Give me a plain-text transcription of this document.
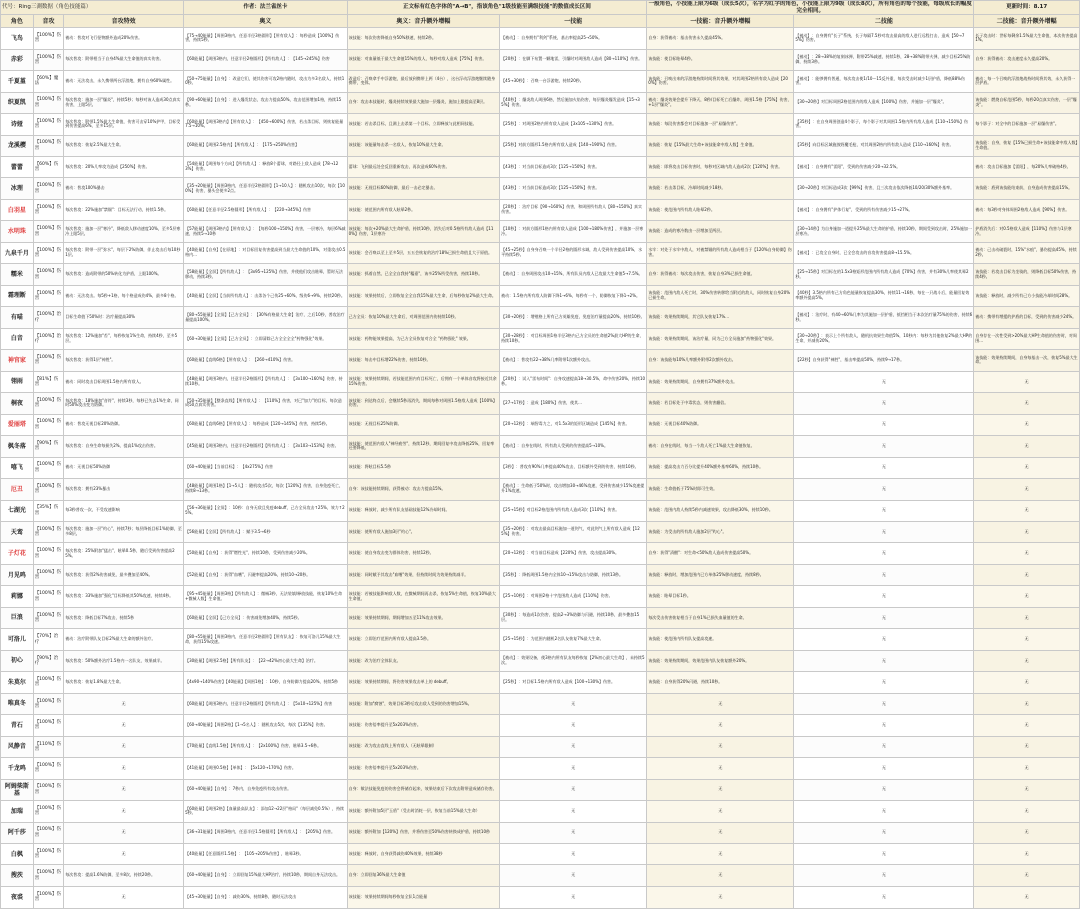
代号：Ring三測数据（角色技能篇）			作者：法兰雀丝卡	正文标有红色字体的"A→B"，指该角色"1级技能至满级技能"的数值成长区间		一般角色，小技能上限为6级（成长5次），名字为红字的角色，小技能上限为9级（成长8次），所有角色的每个技能，每级成长的幅度完全相同。		更新时间：8.17
角色	音攻	音攻特效	奥义	奥义：音升额外增幅	一技能	一技能：音升额外增幅	二技能	二技能：音升额外增幅
飞鸟	【100%】伤害	被动：普攻对飞行怪物额外造成20%伤害。	【75→40能量】【周围3格内，任意半径3格圆形】【所有敌人】：每秒造成【100%】伤害，持续5秒。	该技能：每次伤害降低自身50%移速，持续2秒。	【被动】：自身拥有"利剑"系统，基击率提高25→50%。	自身：获得被动：基击伤害永久提高45%。	【被动】：自身拥有"长子"系统，长子每隔7.5秒对攻击最高的敌人进行远程打击，造成【50→75%】伤害。	长子攻击时：世标每剩余1.5%最大生命值，本次伤害提高1%。
赤彩	【100%】伤害	每次普攻：附带相当于自身4%最大生命值的真实伤害。	【60能量】【周围3格内，任意半径2格圆形】【所有敌人】：【145→245%】伤害	该技能：对血量低于最大生命值15%的敌人，每秒对敌人造成【75%】伤害。	【20秒】：在脚下布置一颗地雷，引爆时对周围敌人造成【80→110%】伤害。	该技能：使目标眩晕4秒。	【被动】：28→38%的复刻冰弹，附带25%减速，持续1秒，28→38%附带火弹，减少目标25%防御，持续3秒。	自身：获得被动：攻击速度永久提高20%。
千夏堇	【60%】魔法	被动：无法攻击，永久携带两台浮游炮，拥有自身60%属性。	【50→75能量】【自身】：改造它们，使其伤害可攻2格内随时，攻击为多3名敌人，持续10秒。	改造后：召唤拿手中浮游炮，最后放到携带上两（4台），这台浮动浮游炮继续随身携带，变体。	【45→30秒】：召唤一台浮游炮，持续20秒。	该技能：召唤出来的浮游炮持续时间将其效果，对其周围2格所有敌人造成【200%】伤害。	【被动】：能够拥有普通，每次攻击使1/10～15反外重，每次受击时减少1层护盾，降低88%伤害。	被动：每一个召唤的浮游炮战持时间将其效，永久获得一层护盾。
织夏凯	【100%】伤害	每次普攻：施加一层"爆炎"，持续5秒；每秒对该人造成30点真实伤害，上限5层。	【90→60能量】【自身】：进入爆发状态，攻击力提高50%，攻击范围增加1格，持续15秒。	自身：攻击本技能时，爆炎持续效果最大施加一层爆炎，施加上限提高至8层。	【40秒】：爆炎敌人周围6格，然后施加火焰伤害，每层爆炎爆发造成【15→35%】伤害。	被动：爆炎效果会提升下降天，8秒/目标死亡后爆炸，周围1.5格【75%】伤害，+1层"爆炎"。	【30→20秒】对目标周围2格范围内的敌人造成【100%】伤害，并施加一层"爆炎"。	该技能：燃烧自标范围5秒，每秒20点真实伤害，一层"爆炎"。
诗娅	【100%】伤害	每次普攻：附带1.5%最大生命值，伤害可击穿10%护甲，目标受到伤害提高6%，至多15层。	【60能量】【周围3格内】【所有敌人】：【450→600%】伤害，若击杀目标，则恢复能量7.5→10%。	该技能：若击杀目标，且满上击杀第一个目标，立即释放与此相同技能。	【25秒】：对周围2格内所有敌人造成【3x105→130%】伤害。	该技能：每段伤害都会对目标施加一层"易爆伤害"。	【35秒】：在自身周围创造4个影子，每个影子对其周围1.5格内所有敌人造成【110→150%】伤害。	每个影子：对全中的目标施加一层"易爆伤害"。
龙溪樱	【100%】伤害	每次普攻：恢复2.5%最大生命。	【60能量】【周围2.5格内】【所有敌人】：【175→250%伤害】	该技能：该能量每击杀一名敌人，恢复10%最大生命。	【25秒】对前方圆形1.5格内所有敌人造成【140→190%】伤害。	该技能：恢复【15%最大生命+该技能命中敌人数】生命值。	【35秒】向目标区域施放野魔毛枪，对其周围2格内所有敌人造成【110→160%】伤害。	该技能：自身，恢复【15%已损生命+该技能命中敌人数】生命值。
蕾蕾	【60%】伤害	每次普攻：20%几率攻为造成【250%】伤害。	【54能量】【周围每个方向】【所有敌人】：释放8个蕾球，对路径上敌人造成【78→123%】伤害。	蕾球：飞到最远处会反回重新攻击，再次造成60%伤害。	【43秒】：对当前目标造成3次【125→150%】伤害。	该技能：即将攻击目标伤害时，每秒对区域内敌人造成2次【120%】伤害。	【被动】：自身拥有"雷阳"，受到的伤害减少20→32.5%。	被动：攻击目标施加【雷阳】，每20%几率破格4秒。
冰理	【100%】伤害	被动：普攻100%暴击	【35→20能量】【周围3格内，任意半径2格圆形】【1→10人】：随机攻击10次，每次【100%】伤害，暴头会使多2点。	该技能：无视目标60%防御，最后一击必定暴击。	【43秒】：对当前目标造成3次【125→150%】伤害。	该技能：若击杀目标，冷却时间减少18秒。	【30→20秒】对目标造成3次【99%】伤害，且三次攻击依次降低10/20/30%额外基率。	该技能：盾到该技能结束前，自身造成伤害提高15%。
白羽星	【100%】伤害	每次普攻：22%施加"禁锢"：目标无法行动，持续1.5秒。	【60能量】【任意半径2.5格圆形】【所有敌人】：【220→345%】伤害	该技能：使范围内所有敌人眩晕2秒。	【20秒】：治疗目标【90→160%】伤害，和周围所有敌人【80→150%】真实伤害。	该技能：使范围内所有敌人眩晕2秒。	【被动】：自身拥有"护体行复"，受到的所有伤害减少15→27%。	被动：每3秒对身体周围2格敌人造成【90%】伤害。
水明珠	【100%】伤害	每次普攻：施加一层"寒冷"，降低敌人移动速度10%，至多5层寒冷上限5层。	【57能量】【周围3格内】【所有敌人】：【每秒100→150%】伤害，一层寒冷，每层6%减速，持续5→10秒	该技能：每次+20%最大生命护盾，持续10秒，消失后对0.5格所有敌人造成【110%】伤害，1层寒冷	【10秒】：对前方圆形1格内所有敌人造成【100→180%伤害】，并施加一层寒冷。	该技能：造成的寒冷数由一层增加至两层。	【30→14秒】为自身施加一道提升25%最大生命的护盾，持续10秒，期间受到攻击时，25%施加一层寒冷。	护盾消失后：对0.5格敌人造成【110%】伤害与1层寒冷。
九泉千月	【100%】伤害	每次普攻：附带一层"弥水"，每层下2%防御，伴止攻击后每10秒1层。	【40能量】【自身】【在原地】：对目标回复伤害提高到当最大生命值的10%，对重攻击0.5格内...	该技能：会召唤以至上至多5层，五五会恢复的治疗18%已损生命值且大于原值。	【45→25秒】自身身召唤一个半径2格的圆形水域，敌人受到伤害提高10%，水平持续5秒。	水牢：对处于水牢中敌人，对被禁锢的所有敌人造成相当于【120%自身防御】伤害。	【被动】：已攻全自身时，已全会攻击的音攻伤害提高8→15.5%。	被动：己击动破裂时，15%"水痕"，暴伤提高45%，持续2秒。
糯米	【100%】伤害	每次普攻：造成附带的50%转化为护盾，上限100%。	【58能量】【全屏】【所有敌人】：【3x95→125%】伤害，并使他们攻击眩晕，暂时无法移动，持续3秒。	该技能：抓着自然、已全全自我持"糯嘉"，该多25%所受伤害，持续10秒。	【被动】：自身周围攻击10→15%，所有队员内敌人已攻最大生命值5→7.5%。	自身：获得被动：每次攻击伤害，恢复自身3%已损生命值。	【25→15秒】对目标在的1.5x3格矩形范围内所有敌人造成【70%】伤害，并有30%几率使其晕2秒。	该技能：若攻击目标为坐骑的，则降低目标50%伤害，持续4秒。
霜理断	【100%】伤害	被动：无法攻击。每5秒+1格，每个格造成伤4%，最多8个格。	【40能量】【全屏】【当前所有敌人】：击杀各个己伤25→60%，级伤6→9%，持续20秒。	该技能：效果持续后，立即恢复全全自我15%最大生命，后每秒恢复2%最大生命。	被动：1.5格内所有敌人防御下降1→6%，每秒有一个，防御恢复下降1→2%。	该技能：范围内敌人死亡时，30%伤害转移给当附近的敌人，同时恢复自身20%已损生命。	【40秒】3.5格内所有己方角色能量恢复提高30%，持续11→16秒，每在一只战斗后，能量回复效率额外提高5%。	该技能：释放时，减少所有己方小技能冷却时间28%。
有喵	【100%】治疗	目标生命值下50%时：治疗量提高30%	【80→55能量】【全屏】【己方全员】：【30%有格最大生命】治疗，之后10秒，普攻治疗量提高100%。	己方全员：恢复10%最大生命后，对周围范围内伤持续10秒。	【30→20秒】：增殖格上所有己方英雄免疫，免疫治疗量提高20%，持续10秒。	该技能：效果持续期间，其它队友恢复17%...	【被动】：治疗时，有40→60%几率为其施加一层护盾，抵挡相当于本次治疗量75%的伤害，持续6秒。	被动：携带有增援的护盾的目标，受到的伤害减少24%。
白音	【100%】治疗	每次普攻：12%施加"苔"，每秒恢复1%生命，持续4秒，至多5层。	【60→30能量】【全屏】【己方全员】：立即清除己方全全全全"药物强化"效果。	该技能：药物能效果提高，为己方全员恢复对合全 "药物强化" 效果。	【30→28秒】：对目标周围1格半径3格内己方全员的生命值2%最大HP的生命，持续10秒。	该技能：效果持续期间，该治疗量，同为己方全员施加"药物强化"效果。	【30→20秒】：表示上个所有敌人，随机抗效果生命值5%，10秒内：每秒为其他恢复2%最大HP的生命，并减伤20%。	自身存在一次性受到>20%最大HP生命值的伤害时，对周围...
神官家	【100%】伤害	每次普攻：获得1层"神胜"。	【60能量】【直线6格】【所有敌人】：【260→410%】伤害。	该技能：每击中目标增22%伤害，持续10秒。	【被动】：普攻有22→38%几率附带1次额外攻击。	自身：该技能每10%几率额外附带2次额外攻击。	【22秒】自身获得"神胜"，基击率提高50%，持续9→17秒。	该技能：效果持续期间，自身每基击一次，恢复5%最大生命。
翎雨	【81%】伤害	被动：同时攻击目标周围1.5格内所有敌人。	【48能量】【周围3格内，任意半径2格圆形】【所有敌人】：【3x100→160%】伤害，持续10秒。	该技能：效果持续期间，若技能范围内有目标死亡，后拥有一个单体音攻将接近其余15%伤害。	【20秒】：试入"雷布时间"：自身攻速提高18→30.5%，命中伤害20%，持续10秒。	该技能：效果持续期间，自身拥有37%额外攻击。	无	无
桐夜	【100%】伤害	每次普攻：18%施加"音符"，持续3秒，每秒已失去1%生命，同时50%攻击变为防御。	【50→35能量】【整条直线】【所有敌人】：【110%】伤害，对已"加力"的目标，每次造成50点真实伤害。	该技能：到达终点后，会继续5秒再消失，期间每秒对周围1.5格敌人造成【100%】伤害。	【27→17秒】：造成【180%】伤害，使其...	该技能：若目标处于中毒状态，则伤害翻倍。	无	无
爱丽塔	【100%】伤害	被动：普攻无视目标20%防御。	【60能量】【直线6格】【所有敌人】：每秒造成【120→145%】伤害，持续5秒。	该技能：无视目标25%防御。	【20→12秒】：端智毒力之，对1.5x3的矩形区域造成【145%】伤害。	该技能：无视目标40%防御。	无	无
枫冬落	【90%】伤害	每次普攻：自身生命每损失2%，提高1%攻击伤害。	【45能量】【周围3格内，任意半径2格圆形】【所有敌人】：【3x103→153%】伤害。	该技能：使范围内敌人"神经疲劳"，持续12秒，期间回复中攻击降低25%，回复率还要降低。	【被动】：自身在线时，所有敌人受到的伤害提高5→10%。	被动：自身在线时，每当一个敌人死亡1%最大生命值恢复。	无	无
嘻飞	【100%】伤害	被动：无视目标50%防御	【60→40能量】【当前目标】：【4x275%】伤害	该技能：将眩目标5.5秒	【3秒】：普攻有90%几率提高40%攻击，目标额外受到的伤害，持续10秒。	该技能：提高攻击力百分比提升40%额外基率60%，持续10秒。	无	无
厄丑	【100%】伤害	每次普攻：拥有23%暴击	【48能量】【周围1格】【1→5人】：随机攻击5次，每次【120%】伤害，自身免疫死亡，持续8→13秒。	自身：该技能持续期间，获得被动：攻击力提高15%。	【被动】：生命低于50%时，攻击增加30→46%攻速，受到伤害减少15%攻速提升1%攻速。	该技能：生命值低于75%时即可生效。	无	无
七湖光	【35%】伤害	每3秒普攻一次，不受攻速影响	【56→36能量】【全屏】：10秒：自身无敌且免疫debuff，己方全员攻击↑25%，效力↑25%。	该技能：释放时，减少所有队友基础技能12%冷却时间。	【25→15秒】对目标2格范围内所有敌人造成3次【110%】伤害。	该技能：范围内敌人持续5秒内减速效果，攻击降低30%，持续10秒。	无	无
天鸾	【100%】伤害	每次普攻：施加一层"灼心"，持续7秒；每层降低目标1%防御，至多8层。	【56能量】【全屏】【所有敌人】：赋予3.5→6秒	该技能：使所有敌人施加3层"灼心"。	【35→20秒】：对攻击最高目标施加一道剑气，对此剑气上所有敌人造成【125%】伤害。	该技能：为受击的所有敌人施加2层"灼心"。	无	无
子灯花	【100%】伤害	每次普攻：25%附加"猛击"，眩晕0.5秒，随后受到伤害提高25%。	【50能量】【自身】：获得"燃性光"，持续10秒，受到伤害减少20%。	该技能：使自身攻击变为群体伤害，持续12秒。	【20→12秒】：对当前目标造成【220%】伤害，攻击提高30%。	自身：获得"清醒"：对生命<50%敌人造成伤害提高50%。	无	无
月见鸣	【100%】伤害	每次普攻：获得2%伤害减免，最多叠加至40%。	【52能量】【自身】：获得"血嗜"，闪避率提高20%，持续10→20秒。	该技能：同时赋予其攻击"血嗜"效果，但持续时间为效果持续减半。	【35秒】：降低周围1.5格内全体10→15%攻击与防御，持续13秒。	该技能：释放时，增加范围内已方单体25%移动速度，持续8秒。	无	无
莉娜	【100%】伤害	每次普攻：33%施加"强化"目标降低其50%攻速，持续4秒。	【95→45能量】【周围3格】【所有敌人】：微械3秒，无法装填/释放技能，恢复10%生命+微械人数】生命值。	该技能：若被技能影响敌人数，在微械期间再击杀，恢复5%生命值，恢复10%最大生命值。	【25→10秒】：对周围2格十字范围敌人造成【110%】伤害。	该技能：眩晕目标1秒。	无	无
巨浪	【100%】伤害	每次普攻：降低目标7%攻击，持续5秒	【60能量】【全屏】【己方全员】：伤害减免增加40%，持续5秒。	该技能：效果持续期间，期间增加五至11%攻击效果。	【30秒】：每造成1次伤害，提高2→3%防御与闪避，持续10秒，最多叠加15层。	每次受击伤害恢复相当于自身1%已损失血量值的生命。	无	无
可洛儿	【70%】治疗	被动：治疗附带队友目标2%最大生命的额外治疗。	【80→55能量】【周围3格内，任意半径2格圆形】【所有队友】：恢复可洛儿15%最大生命，获得15%攻速。	该技能：立即治疗范围内所有敌人提高3.5秒。	【25→15秒】：为范围内随机2名队友恢复7%最大生命。	该技能：使范围内所有队友提高攻速。	无	无
初心	【90%】治疗	每次普攻：50%额外治疗1.5格内一名队友，效果减半。	【30能量】【周围2.5格】【所有队友】：【22→42%初心最大生命】治疗。	该技能：改为治疗全体队友。	【被动】：效果设备，使3格内所有队友每秒恢复【2%初心最大生命】，未持续5次。	该技能：效果持续期间，效果范围内队友恢复额外20%。	无	无
朱莫尔	【100%】伤害	每次普攻：恢复1.8%最大生命。	【4x90→140%伤害】【40能量】【周围1格】：10秒，自身防御力提高20%，持续5秒	该技能：效果持续期间，将伤害效果攻击单上的 debuff。	【25秒】：对目标1.5格内所有敌人造成【100→130%】伤害。	该技能：自身获得20%闪避，持续10秒。	无	无
唯真冬	【100%】伤害	无	【60能量】【周围3格内，任意半径2格圆形】【所有敌人】：【5x10→125%】伤害	该技能：附加"腐蚀"，效果目标3秒后攻击敌人受到的伤害增加15%。	无	无	无	无
青石	【100%】伤害	无	【60→40能量】【周围2格】【1→5名人】：随机攻击5次，每次【135%】伤害。	该技能：伤害倍率提升至5x203%伤害。	无	无	无	无
风静音	【110%】伤害	无	【70能量】【直线1.5格】【所有敌人】：【2x100%】伤害，眩晕3.5→6秒。	该技能：改为攻击直线上所有敌人（无眩晕限制）	无	无	无	无
千龙鸣	【100%】伤害	无	【41能量】【周围0.5格】【单体】：【5x120→170%】伤害。	该技能：伤害倍率提升至5x203%伤害。	无	无	无	无
阿姆柴斯基	【100%】伤害	无	【60→40能量】【自身】：7秒内，自身免疫所有攻击伤害。	自身：敏法技能免疫的伤害会将储存起来，效果结束后下次攻击附带造成储存伤害。	无	无	无	无
加瑞	【100%】伤害	无	【60能量】【周围2格】【血量最高队友】：添加12→22层"格局"（每层减免0.5%），持续5秒。	该技能：额外附加5层"玉盾"（受击时消耗一层，恢复当前15%最大生命）	无	无	无	无
阿千莎	【100%】伤害	无	【36→31能量】【周围3格内，任意半径1.5格圆形】【所有敌人】：【205%】伤害。	该技能：额外附加【120%】伤害，并将伤害至50%伤害转换成护盾，持续10秒	无	无	无	无
白枫	【100%】伤害	无	【40能量】【任意圆形1.5格】：【105→205%伤害】，眩晕3秒。	该技能：释放时，自身获得减伤40%效果，持续38秒	无	无	无	无
搜茨	【100%】伤害	每次普攻：提高1.6%防御，至多8次，持续20秒。	【60→40能量】【自身】：立即回复15%最大HP治疗，持续10秒，期间自身无法攻击。	自身：立即回复36%最大生命值	无	无	无	无
夜裘	【100%】伤害	无	【45→30能量】【自身】：减伤30%，持续8秒，随时无法攻击	该技能：效果持续期间每秒恢复全队1点能量	无	无	无	无
